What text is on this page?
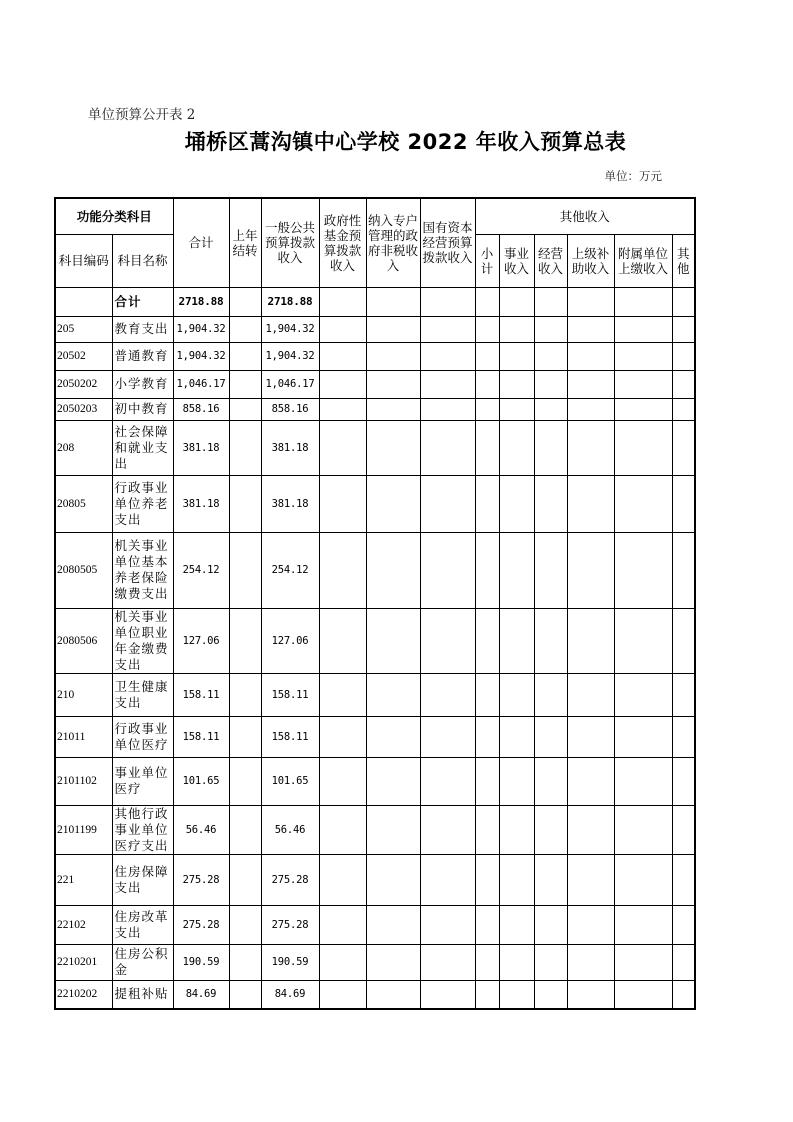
单位预算公开表 2
埇桥区蒿沟镇中心学校 2022 年收入预算总表
单位：万元
功能分类科目		合计	上年结转	一般公共预算拨款收入	政府性基金预算拨款收入	纳入专户管理的政府非税收入	国有资本经营预算拨款收入	其他收入					
科目编码	科目名称							小计	事业收入	经营收入	上级补助收入	附属单位上缴收入	其他
	合计	2718.88		2718.88									
205	教育支出	1,904.32		1,904.32									
20502	普通教育	1,904.32		1,904.32									
2050202	小学教育	1,046.17		1,046.17									
2050203	初中教育	858.16		858.16									
208	社会保障和就业支出	381.18		381.18									
20805	行政事业单位养老支出	381.18		381.18									
2080505	机关事业单位基本养老保险缴费支出	254.12		254.12									
2080506	机关事业单位职业年金缴费支出	127.06		127.06									
210	卫生健康支出	158.11		158.11									
21011	行政事业单位医疗	158.11		158.11									
2101102	事业单位医疗	101.65		101.65									
2101199	其他行政事业单位医疗支出	56.46		56.46									
221	住房保障支出	275.28		275.28									
22102	住房改革支出	275.28		275.28									
2210201	住房公积金	190.59		190.59									
2210202	提租补贴	84.69		84.69									
